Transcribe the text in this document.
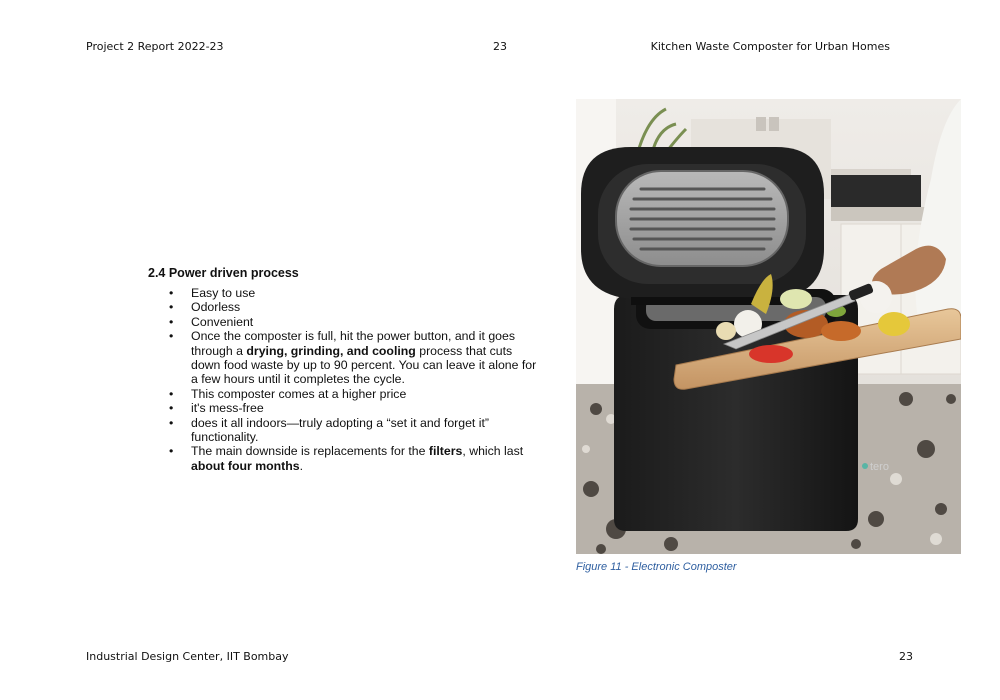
Project 2 Report 2022-23	23	Kitchen Waste Composter for Urban Homes
2.4 Power driven process
• Easy to use
• Odorless
• Convenient
• Once the composter is full, hit the power button, and it goes
through a drying, grinding, and cooling process that cuts
down food waste by up to 90 percent. You can leave it alone for
a few hours until it completes the cycle.
• This composter comes at a higher price
• it's mess-free
• does it all indoors—truly adopting a “set it and forget it”
functionality.
• The main downside is replacements for the filters, which last
about four months.	tero
Figure 11 - Electronic Composter
Industrial Design Center, IIT Bombay	23
